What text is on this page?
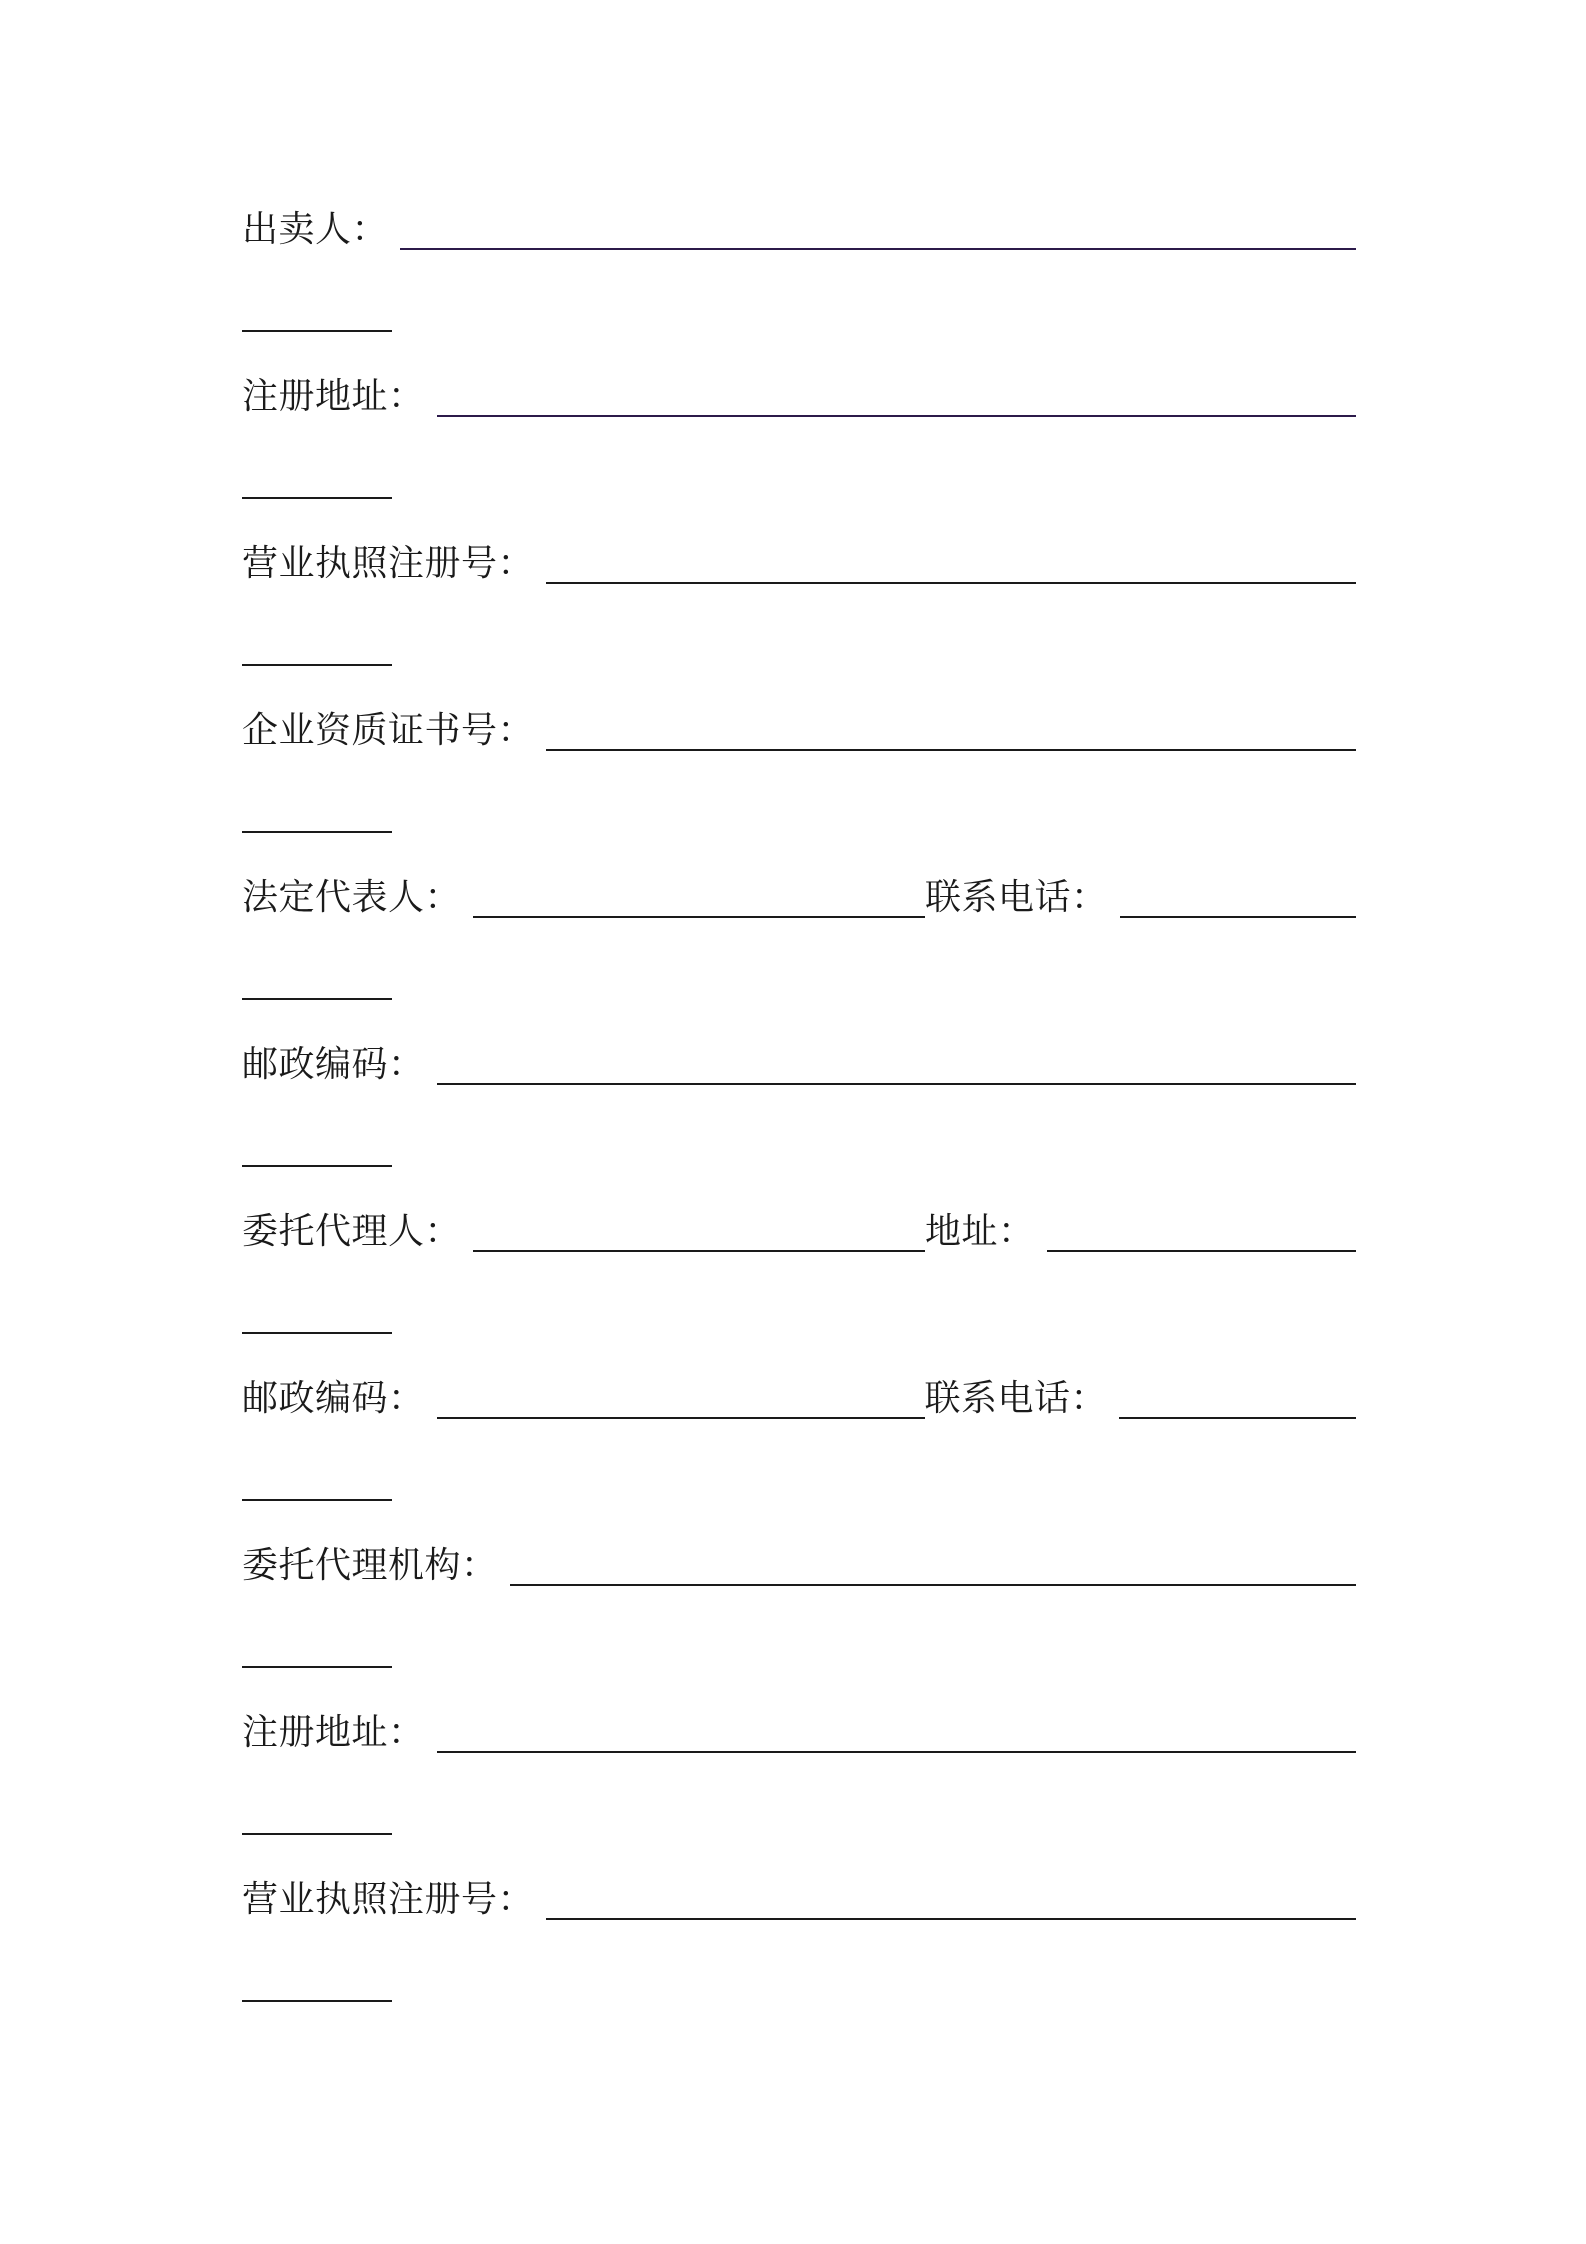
出卖人：
注册地址：
营业执照注册号：
企业资质证书号：
法定代表人：	联系电话：
邮政编码：
委托代理人：	地址：
邮政编码：	联系电话：
委托代理机构：
注册地址：
营业执照注册号：
